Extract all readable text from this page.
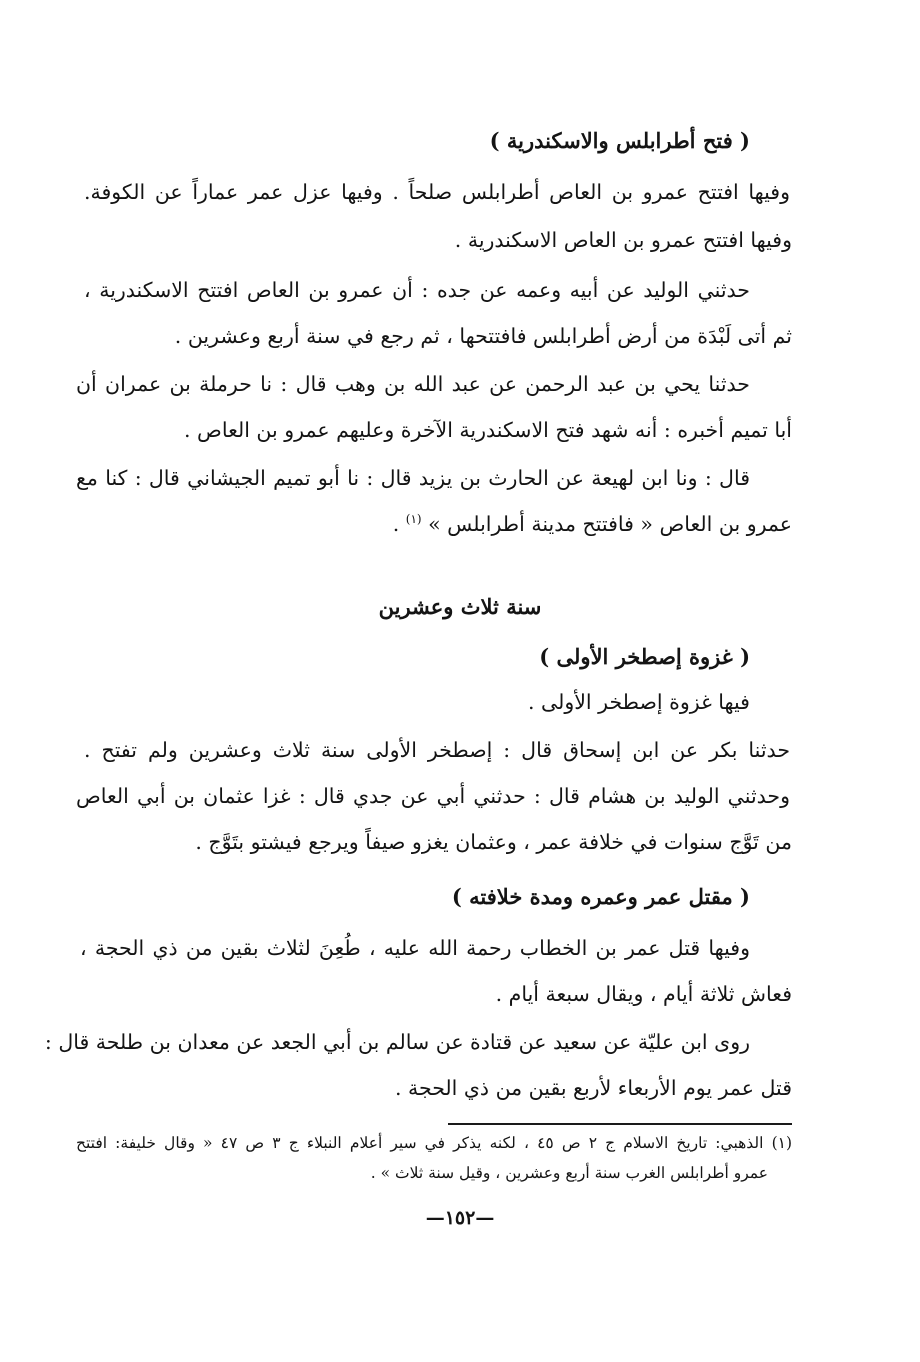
( فتح أطرابلس والاسكندرية )

وفيها افتتح عمرو بن العاص أطرابلس صلحاً . وفيها عزل عمر عماراً عن الكوفة.

وفيها افتتح عمرو بن العاص الاسكندرية .

حدثني الوليد عن أبيه وعمه عن جده : أن عمرو بن العاص افتتح الاسكندرية ،

ثم أتى لَبْدَة من أرض أطرابلس فافتتحها ، ثم رجع في سنة أربع وعشرين .

حدثنا يحي بن عبد الرحمن عن عبد الله بن وهب قال : نا حرملة بن عمران أن

أبا تميم أخبره : أنه شهد فتح الاسكندرية الآخرة وعليهم عمرو بن العاص .

قال : ونا ابن لهيعة عن الحارث بن يزيد قال : نا أبو تميم الجيشاني قال : كنا مع

عمرو بن العاص « فافتتح مدينة أطرابلس » $^{(١)}$ .

سنة ثلاث وعشرين

( غزوة إصطخر الأولى )

فيها غزوة إصطخر الأولى .

حدثنا بكر عن ابن إسحاق قال : إصطخر الأولى سنة ثلاث وعشرين ولم تفتح .

وحدثني الوليد بن هشام قال : حدثني أبي عن جدي قال : غزا عثمان بن أبي العاص

من تَوَّج سنوات في خلافة عمر ، وعثمان يغزو صيفاً ويرجع فيشتو بتَوَّج .

( مقتل عمر وعمره ومدة خلافته )

وفيها قتل عمر بن الخطاب رحمة الله عليه ، طُعِنَ لثلاث بقين من ذي الحجة ،

فعاش ثلاثة أيام ، ويقال سبعة أيام .

روى ابن عليّة عن سعيد عن قتادة عن سالم بن أبي الجعد عن معدان بن طلحة قال :

قتل عمر يوم الأربعاء لأربع بقين من ذي الحجة .

(١) الذهبي: تاريخ الاسلام ج ٢ ص ٤٥ ، لكنه يذكر في سير أعلام النبلاء ج ٣ ص ٤٧ « وقال خليفة: افتتح

عمرو أطرابلس الغرب سنة أربع وعشرين ، وقيل سنة ثلاث » .

—١٥٢—
